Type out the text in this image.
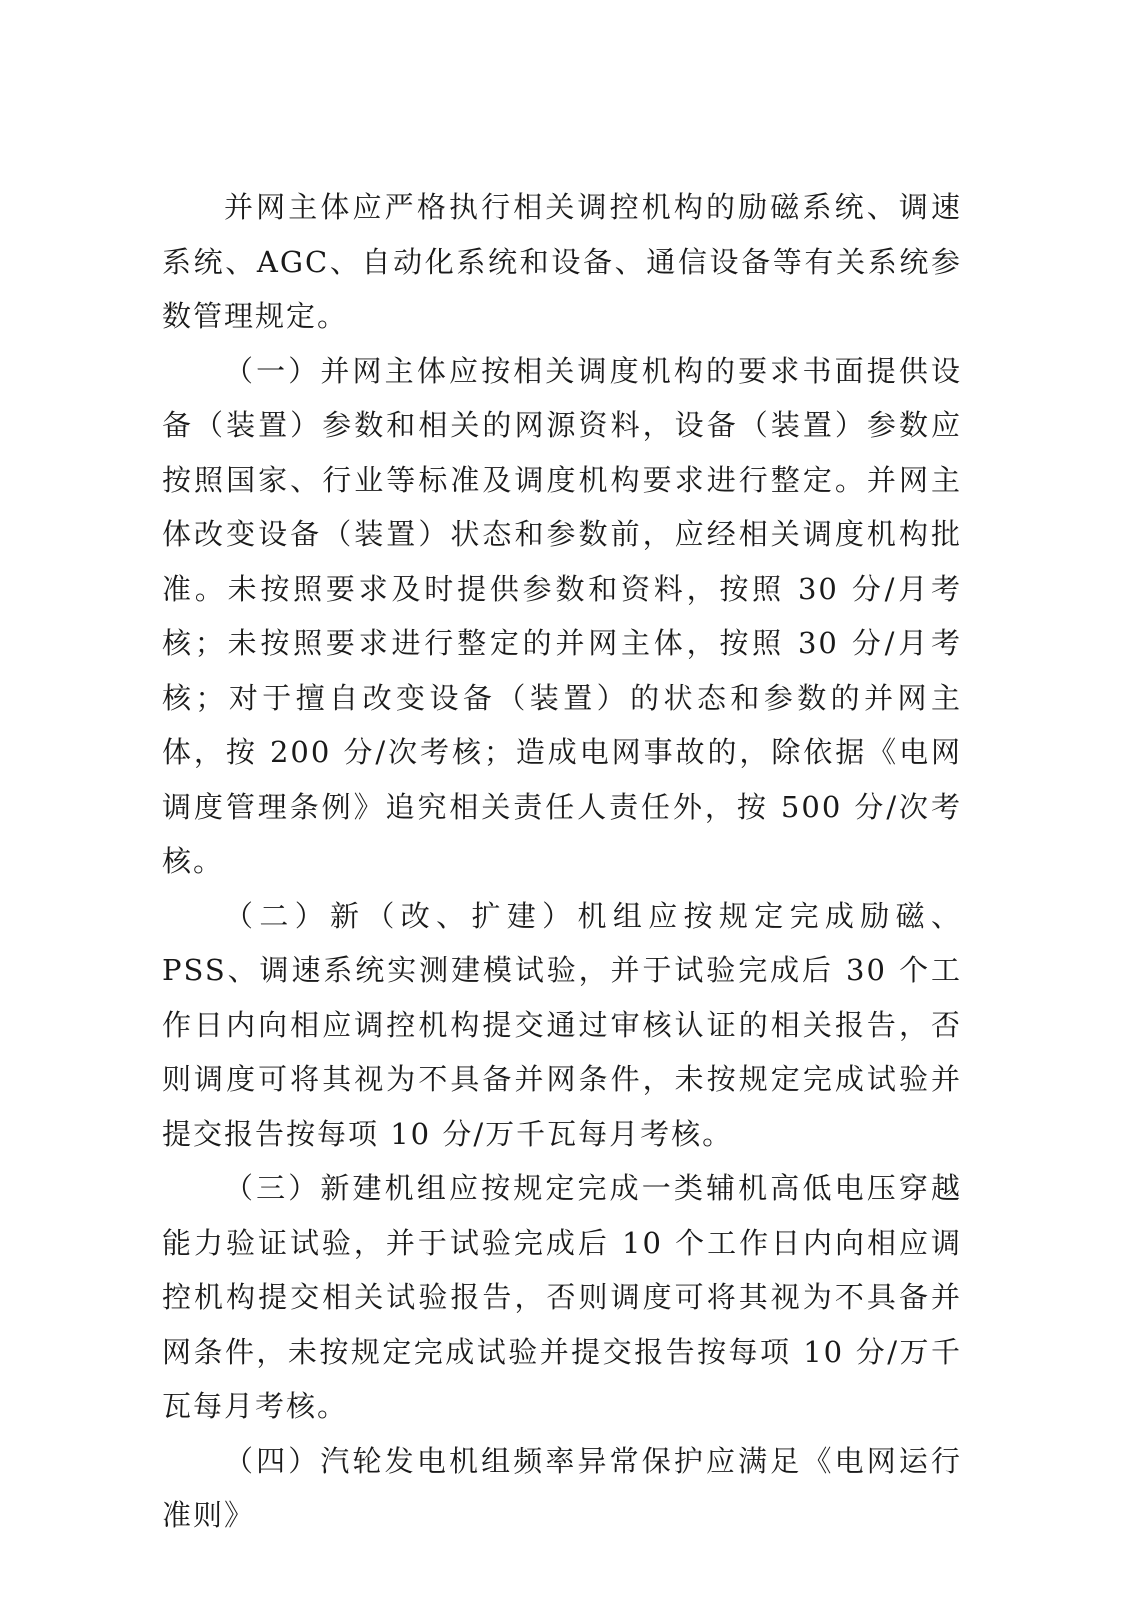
并网主体应严格执行相关调控机构的励磁系统、调速系统、AGC、自动化系统和设备、通信设备等有关系统参数管理规定。

（一）并网主体应按相关调度机构的要求书面提供设备（装置）参数和相关的网源资料，设备（装置）参数应按照国家、行业等标准及调度机构要求进行整定。并网主体改变设备（装置）状态和参数前，应经相关调度机构批准。未按照要求及时提供参数和资料，按照 30 分/月考核；未按照要求进行整定的并网主体，按照 30 分/月考核；对于擅自改变设备（装置）的状态和参数的并网主体，按 200 分/次考核；造成电网事故的，除依据《电网调度管理条例》追究相关责任人责任外，按 500 分/次考核。

（二）新（改、扩建）机组应按规定完成励磁、PSS、调速系统实测建模试验，并于试验完成后 30 个工作日内向相应调控机构提交通过审核认证的相关报告，否则调度可将其视为不具备并网条件，未按规定完成试验并提交报告按每项 10 分/万千瓦每月考核。

（三）新建机组应按规定完成一类辅机高低电压穿越能力验证试验，并于试验完成后 10 个工作日内向相应调控机构提交相关试验报告，否则调度可将其视为不具备并网条件，未按规定完成试验并提交报告按每项 10 分/万千瓦每月考核。

（四）汽轮发电机组频率异常保护应满足《电网运行准则》
